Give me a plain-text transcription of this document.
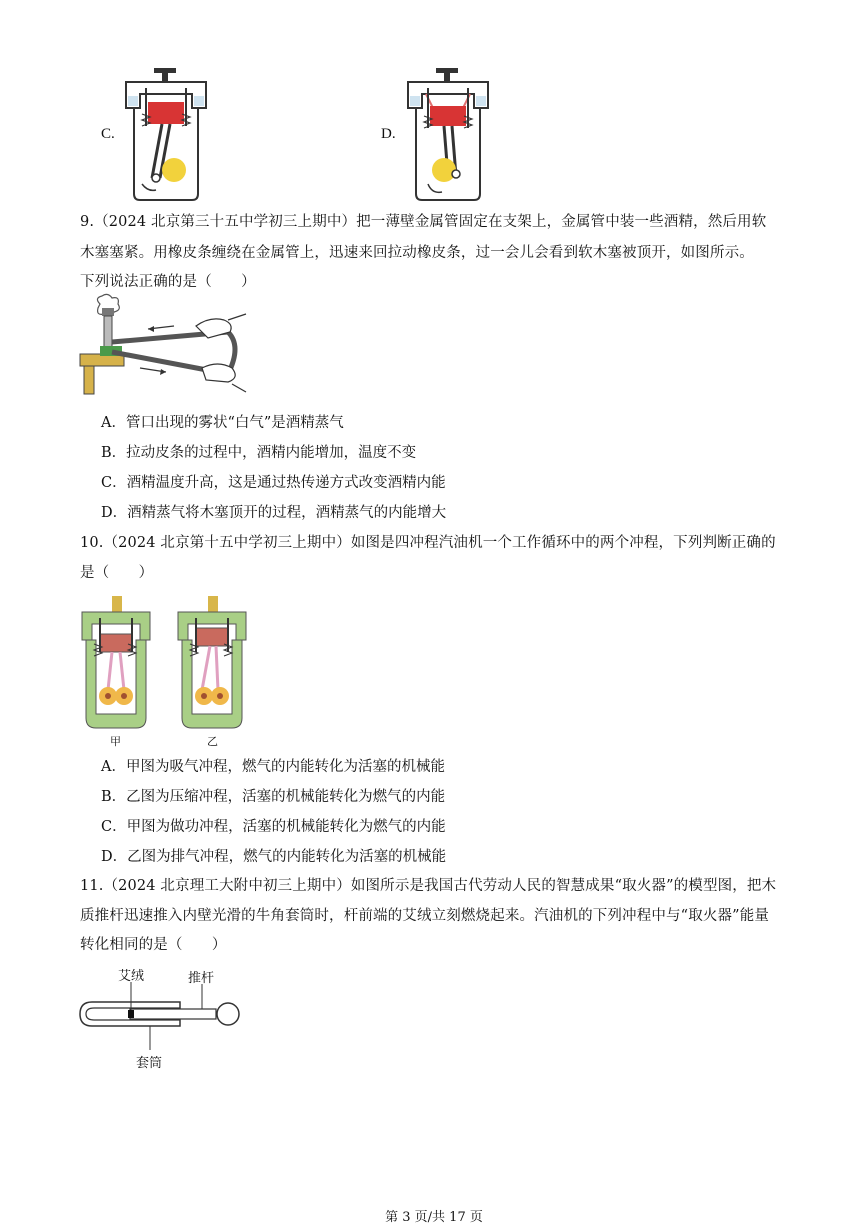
C.	D.
9.（2024 北京第三十五中学初三上期中）把一薄壁金属管固定在支架上，金属管中装一些酒精，然后用软
木塞塞紧。用橡皮条缠绕在金属管上，迅速来回拉动橡皮条，过一会儿会看到软木塞被顶开，如图所示。
下列说法正确的是（　　）
A．管口出现的雾状“白气”是酒精蒸气
B．拉动皮条的过程中，酒精内能增加，温度不变
C．酒精温度升高，这是通过热传递方式改变酒精内能
D．酒精蒸气将木塞顶开的过程，酒精蒸气的内能增大
10.（2024 北京第十五中学初三上期中）如图是四冲程汽油机一个工作循环中的两个冲程，下列判断正确的
是（　　）
甲	乙
A．甲图为吸气冲程，燃气的内能转化为活塞的机械能
B．乙图为压缩冲程，活塞的机械能转化为燃气的内能
C．甲图为做功冲程，活塞的机械能转化为燃气的内能
D．乙图为排气冲程，燃气的内能转化为活塞的机械能
11.（2024 北京理工大附中初三上期中）如图所示是我国古代劳动人民的智慧成果“取火器”的模型图，把木
质推杆迅速推入内壁光滑的牛角套筒时，杆前端的艾绒立刻燃烧起来。汽油机的下列冲程中与“取火器”能量
转化相同的是（　　）
艾绒	推杆
套筒
第 3 页/共 17 页
